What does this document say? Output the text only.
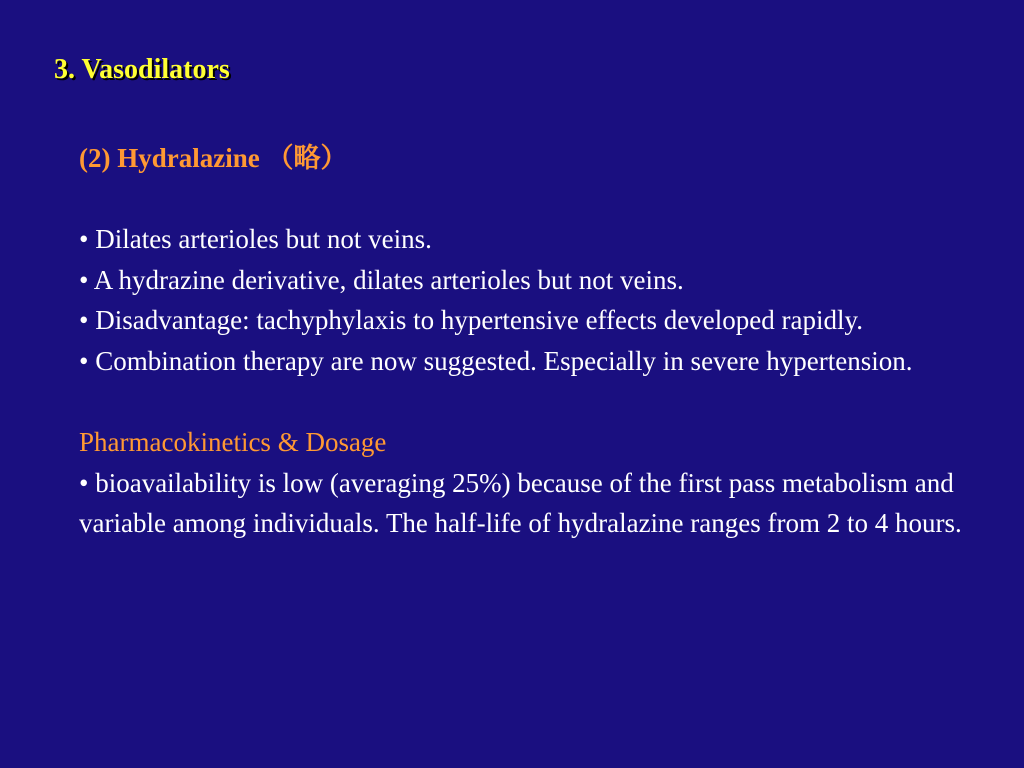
3. Vasodilators
(2) Hydralazine （略）

• Dilates arterioles but not veins.

• A hydrazine derivative, dilates arterioles but not veins.

• Disadvantage: tachyphylaxis to hypertensive effects developed rapidly.

• Combination therapy are now suggested. Especially in severe hypertension.

Pharmacokinetics & Dosage

• bioavailability is low (averaging 25%) because of the first pass metabolism and variable among individuals. The half-life of hydralazine ranges from 2 to 4 hours.
